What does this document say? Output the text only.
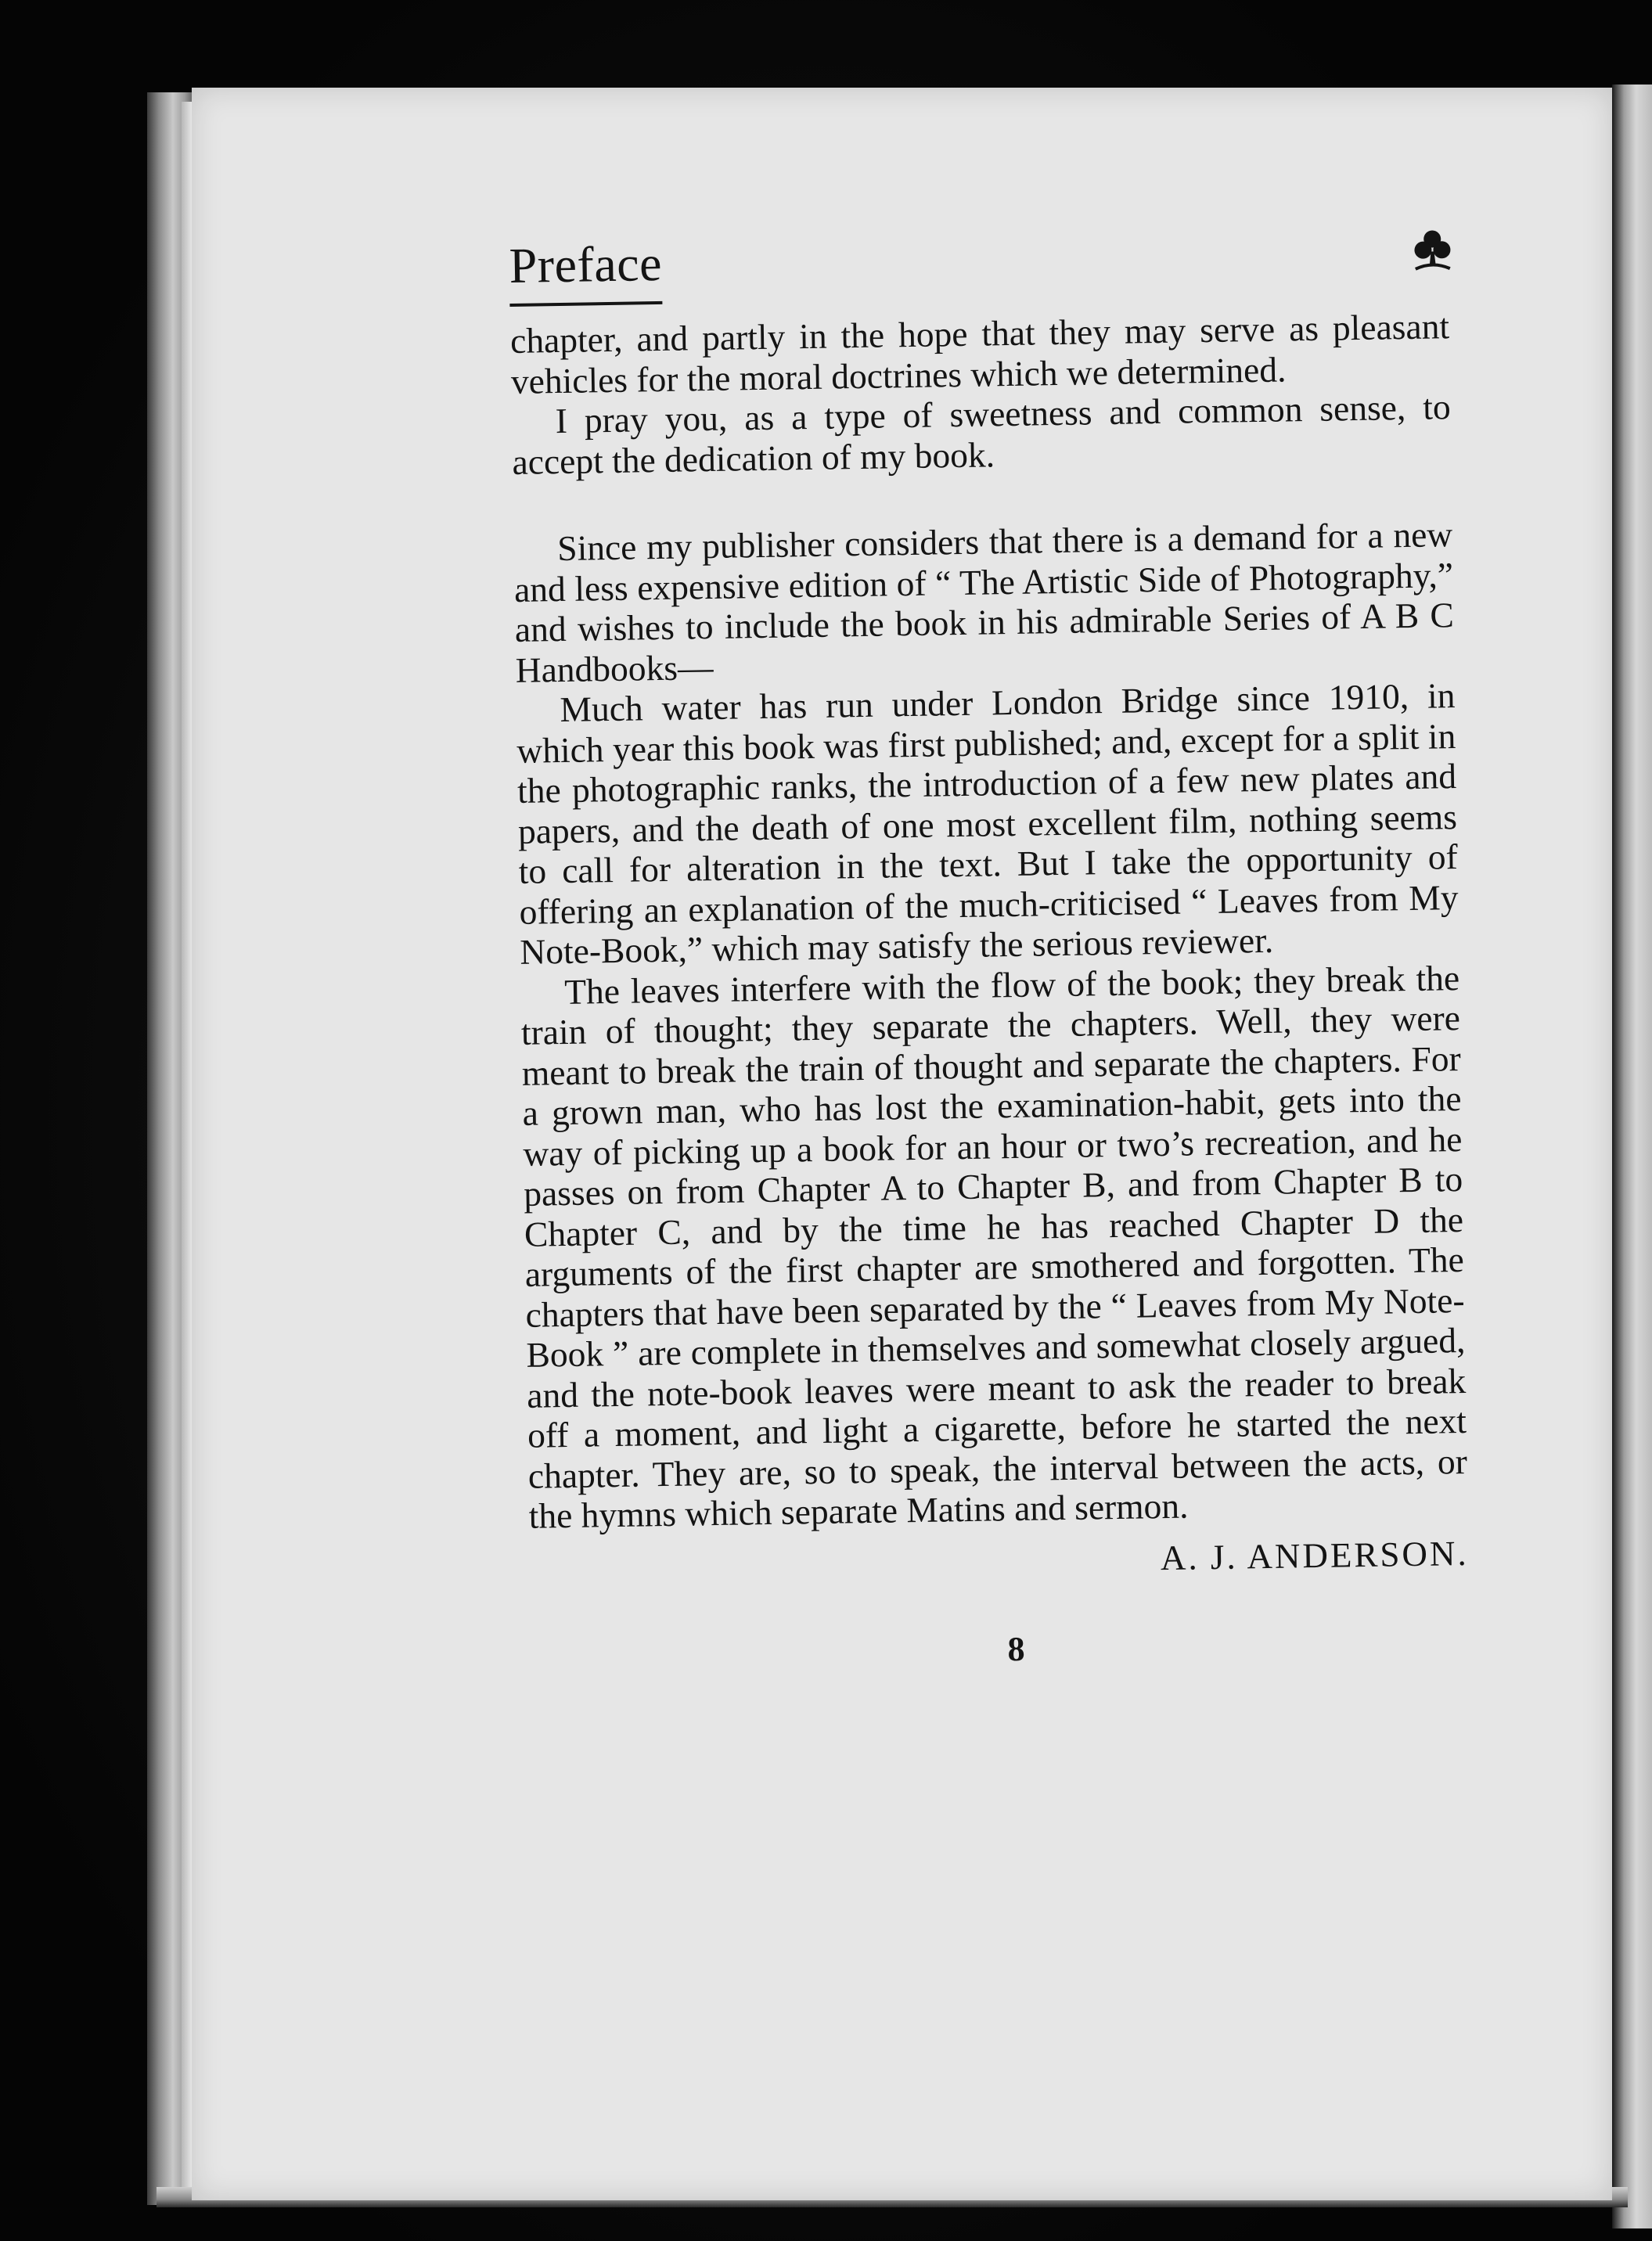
Preface

chapter, and partly in the hope that they may serve as pleasant vehicles for the moral doctrines which we determined.

I pray you, as a type of sweetness and common sense, to accept the dedication of my book.

Since my publisher considers that there is a demand for a new and less expensive edition of “ The Artistic Side of Photography,” and wishes to include the book in his admirable Series of A B C Handbooks—

Much water has run under London Bridge since 1910, in which year this book was first published; and, except for a split in the photographic ranks, the introduction of a few new plates and papers, and the death of one most excellent film, nothing seems to call for alteration in the text. But I take the opportunity of offering an explanation of the much-criticised “ Leaves from My Note-Book,” which may satisfy the serious reviewer.

The leaves interfere with the flow of the book; they break the train of thought; they separate the chapters. Well, they were meant to break the train of thought and separate the chapters. For a grown man, who has lost the examination-habit, gets into the way of picking up a book for an hour or two’s recreation, and he passes on from Chapter A to Chapter B, and from Chapter B to Chapter C, and by the time he has reached Chapter D the arguments of the first chapter are smothered and forgotten. The chapters that have been separated by the “ Leaves from My Note-Book ” are complete in themselves and somewhat closely argued, and the note-book leaves were meant to ask the reader to break off a moment, and light a cigarette, before he started the next chapter. They are, so to speak, the interval between the acts, or the hymns which separate Matins and sermon.

A. J. ANDERSON.
8
